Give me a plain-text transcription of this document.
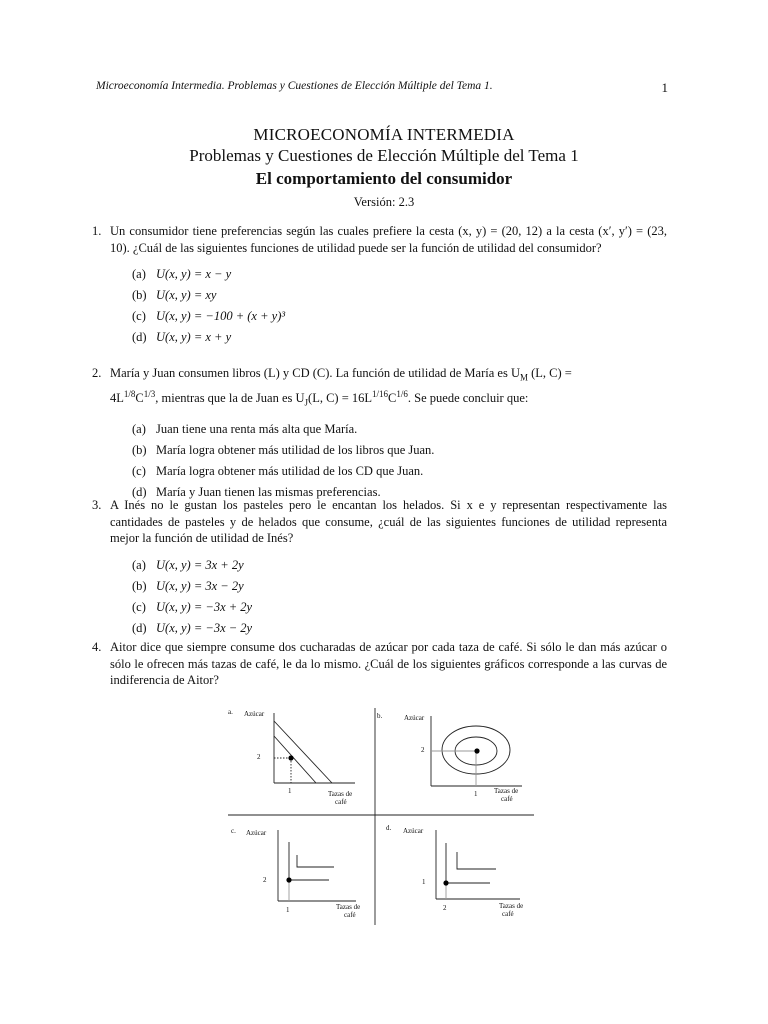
Microeconomía Intermedia. Problemas y Cuestiones de Elección Múltiple del Tema 1.	1
MICROECONOMÍA INTERMEDIA
Problemas y Cuestiones de Elección Múltiple del Tema 1
El comportamiento del consumidor
Versión: 2.3
1. Un consumidor tiene preferencias según las cuales prefiere la cesta (x, y) = (20, 12) a la cesta (x′, y′) = (23, 10). ¿Cuál de las siguientes funciones de utilidad puede ser la función de utilidad del consumidor?
(a) U(x, y) = x − y
(b) U(x, y) = xy
(c) U(x, y) = −100 + (x + y)³
(d) U(x, y) = x + y
2. María y Juan consumen libros (L) y CD (C). La función de utilidad de María es $U_M$ (L, C) =
$4L^{1/8}C^{1/3}$, mientras que la de Juan es $U_J(L$, $C) = 16L^{1/16}C^{1/6}$. Se puede concluir que:
(a) Juan tiene una renta más alta que María.
(b) María logra obtener más utilidad de los libros que Juan.
(c) María logra obtener más utilidad de los CD que Juan.
(d) María y Juan tienen las mismas preferencias.
3. A Inés no le gustan los pasteles pero le encantan los helados. Si x e y representan respectivamente las cantidades de pasteles y de helados que consume, ¿cuál de las siguientes funciones de utilidad representa mejor la función de utilidad de Inés?
(a) U(x, y) = 3x + 2y
(b) U(x, y) = 3x − 2y
(c) U(x, y) = −3x + 2y
(d) U(x, y) = −3x − 2y
4. Aitor dice que siempre consume dos cucharadas de azúcar por cada taza de café. Si sólo le dan más azúcar o sólo le ofrecen más tazas de café, le da lo mismo. ¿Cuál de los siguientes gráficos corresponde a las curvas de indiferencia de Aitor?
a. Azúcar
2
1	Tazas de
café
b.	Azúcar
2
1 Tazas de
café
c. Azúcar
2
1	Tazas de
café
d. Azúcar
1
2	Tazas de
café
